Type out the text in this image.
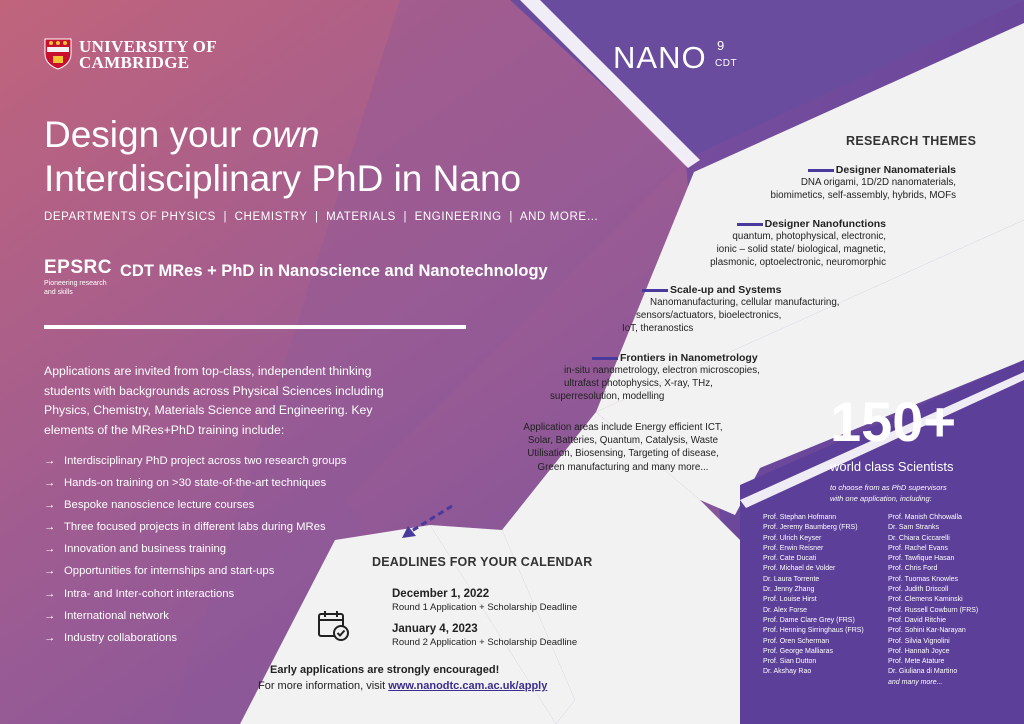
UNIVERSITY OF
CAMBRIDGE	NANO 9
CDT
Design your own
Interdisciplinary PhD in Nano
DEPARTMENTS OF PHYSICS  |  CHEMISTRY  |  MATERIALS  |  ENGINEERING  |  AND MORE…
EPSRC
Pioneering research
and skills
CDT MRes + PhD in Nanoscience and Nanotechnology
Applications are invited from top-class, independent thinking
students with backgrounds across Physical Sciences including
Physics, Chemistry, Materials Science and Engineering. Key
elements of the MRes+PhD training include:
→ Interdisciplinary PhD project across two research groups
→ Hands-on training on >30 state-of-the-art techniques
→ Bespoke nanoscience lecture courses
→ Three focused projects in different labs during MRes
→ Innovation and business training
→ Opportunities for internships and start-ups
→ Intra- and Inter-cohort interactions
→ International network
→ Industry collaborations
RESEARCH THEMES
Designer Nanomaterials
DNA origami, 1D/2D nanomaterials,
biomimetics, self-assembly, hybrids, MOFs
Designer Nanofunctions
quantum, photophysical, electronic,
ionic – solid state/ biological, magnetic,
plasmonic, optoelectronic, neuromorphic
Scale-up and Systems
Nanomanufacturing, cellular manufacturing,
sensors/actuators, bioelectronics,
IoT, theranostics
Frontiers in Nanometrology
in-situ nanometrology, electron microscopies,
ultrafast photophysics, X-ray, THz,
superresolution, modelling
Application areas include Energy efficient ICT,
Solar, Batteries, Quantum, Catalysis, Waste
Utilisation, Biosensing, Targeting of disease,
Green manufacturing and many more...
150+
world class Scientists
to choose from as PhD supervisors
with one application, including:
Prof. Stephan Hofmann
Prof. Jeremy Baumberg (FRS)
Prof. Ulrich Keyser
Prof. Erwin Reisner
Prof. Cate Ducati
Prof. Michael de Volder
Dr. Laura Torrente
Dr. Jenny Zhang
Prof. Louise Hirst
Dr. Alex Forse
Prof. Dame Clare Grey (FRS)
Prof. Henning Sirringhaus (FRS)
Prof. Oren Scherman
Prof. George Malliaras
Prof. Sian Dutton
Dr. Akshay Rao
Prof. Manish Chhowalla
Dr. Sam Stranks
Dr. Chiara Ciccarelli
Prof. Rachel Evans
Prof. Tawfique Hasan
Prof. Chris Ford
Prof. Tuomas Knowles
Prof. Judith Driscoll
Prof. Clemens Kaminski
Prof. Russell Cowburn (FRS)
Prof. David Ritchie
Prof. Sohini Kar-Narayan
Prof. Silvia Vignolini
Prof. Hannah Joyce
Prof. Mete Atature
Dr. Giuliana di Martino
and many more...
DEADLINES FOR YOUR CALENDAR
December 1, 2022
Round 1 Application + Scholarship Deadline
January 4, 2023
Round 2 Application + Scholarship Deadline
Early applications are strongly encouraged!
For more information, visit www.nanodtc.cam.ac.uk/apply
